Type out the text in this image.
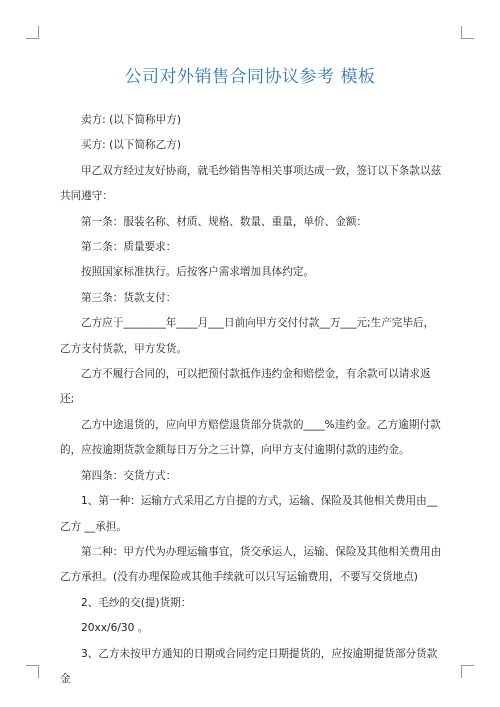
公司对外销售合同协议参考 模板

卖方: (以下简称甲方)

买方: (以下简称乙方)

甲乙双方经过友好协商，就毛纱销售等相关事项达成一致，签订以下条款以兹共同遵守：

第一条：服装名称、材质、规格、数量、重量，单价、金额：

第二条：质量要求：

按照国家标准执行。后按客户需求增加具体约定。

第三条：货款支付：

乙方应于________年____月___日前向甲方交付付款__万___元;生产完毕后，乙方支付货款，甲方发货。

乙方不履行合同的，可以把预付款抵作违约金和赔偿金，有余款可以请求返还;

乙方中途退货的，应向甲方赔偿退货部分货款的____%违约金。乙方逾期付款的，应按逾期货款金额每日万分之三计算，向甲方支付逾期付款的违约金。

第四条：交货方式：

1、第一种：运输方式采用乙方自提的方式，运输、保险及其他相关费用由__乙方 __承担。

第二种：甲方代为办理运输事宜，货交承运人，运输、保险及其他相关费用由乙方承担。(没有办理保险或其他手续就可以只写运输费用，不要写交货地点)

2、毛纱的交(提)货期：

20xx/6/30 。

3、乙方未按甲方通知的日期或合同约定日期提货的，应按逾期提货部分货款金
